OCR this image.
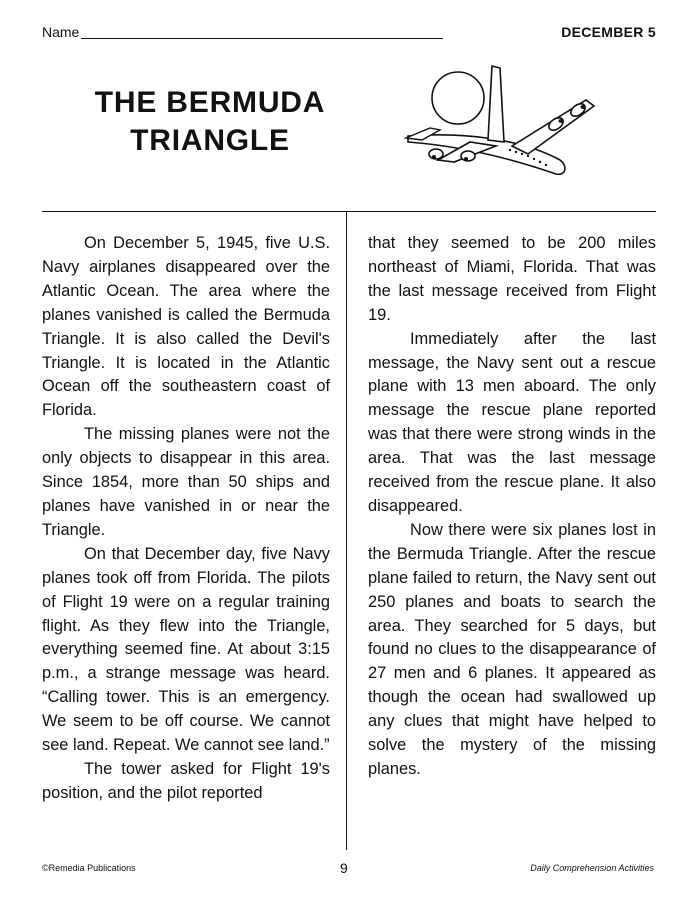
Name	DECEMBER 5
THE BERMUDA
TRIANGLE

On December 5, 1945, five U.S. Navy airplanes disappeared over the Atlantic Ocean. The area where the planes vanished is called the Bermuda Triangle. It is also called the Devil's Triangle. It is located in the Atlantic Ocean off the southeastern coast of Florida.

The missing planes were not the only objects to disappear in this area. Since 1854, more than 50 ships and planes have vanished in or near the Triangle.

On that December day, five Navy planes took off from Florida. The pilots of Flight 19 were on a regular training flight. As they flew into the Triangle, everything seemed fine. At about 3:15 p.m., a strange message was heard. “Calling tower. This is an emergency. We seem to be off course. We cannot see land. Repeat. We cannot see land.”

The tower asked for Flight 19's position, and the pilot reported

that they seemed to be 200 miles northeast of Miami, Florida. That was the last message received from Flight 19.

Immediately after the last message, the Navy sent out a rescue plane with 13 men aboard. The only message the rescue plane reported was that there were strong winds in the area. That was the last message received from the rescue plane. It also disappeared.

Now there were six planes lost in the Bermuda Triangle. After the rescue plane failed to return, the Navy sent out 250 planes and boats to search the area. They searched for 5 days, but found no clues to the disappearance of 27 men and 6 planes. It appeared as though the ocean had swallowed up any clues that might have helped to solve the mystery of the missing planes.

©Remedia Publications	9	Daily Comprehension Activities
